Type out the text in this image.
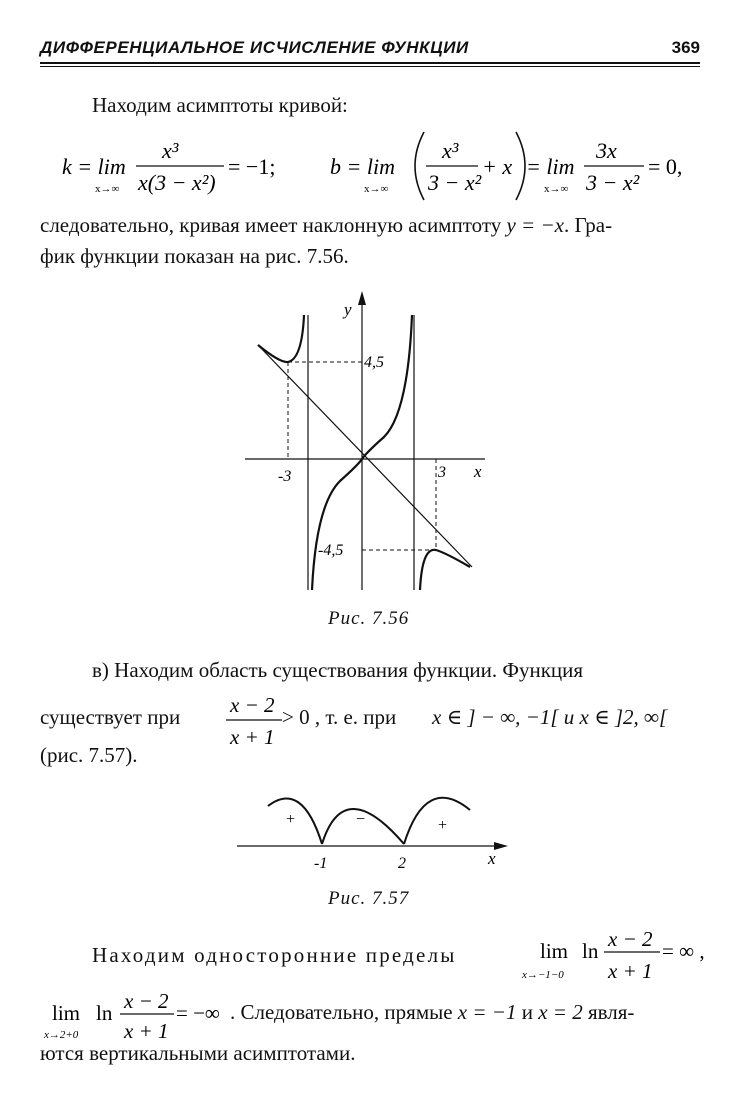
ДИФФЕРЕНЦИАЛЬНОЕ ИСЧИСЛЕНИЕ ФУНКЦИИ	369
Находим асимптоты кривой:
k = lim
x→∞
x³
x(3 − x²)
= −1; b = lim
x→∞
x³
3 − x²
+ x = lim
x→∞
3x
3 − x²
= 0,
следовательно, кривая имеет наклонную асимптоту y = −x. Гра-
фик функции показан на рис. 7.56.
y
x
4,5
-4,5
-3	3
Рис. 7.56
в) Находим область существования функции. Функция
существует при x − 2
x + 1
> 0 , т. е. при x ∈ ] − ∞, −1[ и x ∈ ]2, ∞[
(рис. 7.57).
+	−	+
-1	2	x
Рис. 7.57
Находим односторонние пределы	lim
x→−1−0
ln x − 2
x + 1
= ∞ ,
lim
x→2+0
ln x − 2
x + 1
= −∞ . Следовательно, прямые x = −1 и x = 2 явля-
ются вертикальными асимптотами.
